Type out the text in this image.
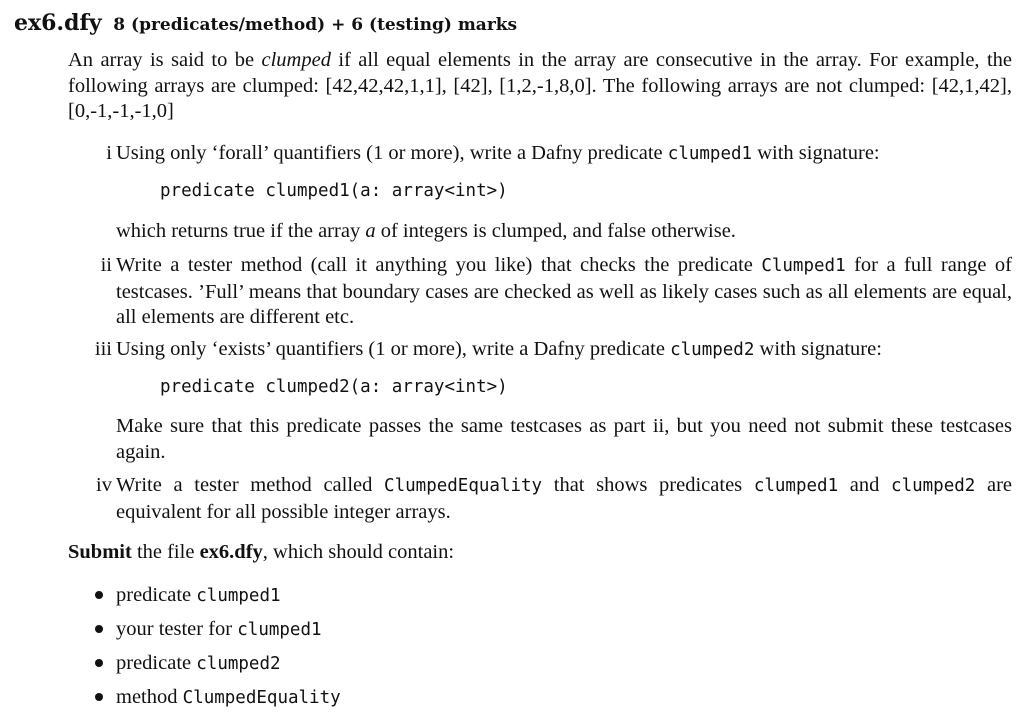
ex6.dfy 8 (predicates/method) + 6 (testing) marks

An array is said to be clumped if all equal elements in the array are consecutive in the array. For example, the following arrays are clumped: [42,42,42,1,1], [42], [1,2,-1,8,0]. The following arrays are not clumped: [42,1,42],[0,-1,-1,-1,0]

i Using only ‘forall’ quantifiers (1 or more), write a Dafny predicate clumped1 with signature:

predicate clumped1(a: array<int>)

which returns true if the array a of integers is clumped, and false otherwise.

ii Write a tester method (call it anything you like) that checks the predicate Clumped1 for a full range of testcases. ’Full’ means that boundary cases are checked as well as likely cases such as all elements are equal, all elements are different etc.

iii Using only ‘exists’ quantifiers (1 or more), write a Dafny predicate clumped2 with signature:

predicate clumped2(a: array<int>)

Make sure that this predicate passes the same testcases as part ii, but you need not submit these testcases again.

iv Write a tester method called ClumpedEquality that shows predicates clumped1 and clumped2 are equivalent for all possible integer arrays.

Submit the file ex6.dfy, which should contain:
predicate clumped1
your tester for clumped1
predicate clumped2
method ClumpedEquality
